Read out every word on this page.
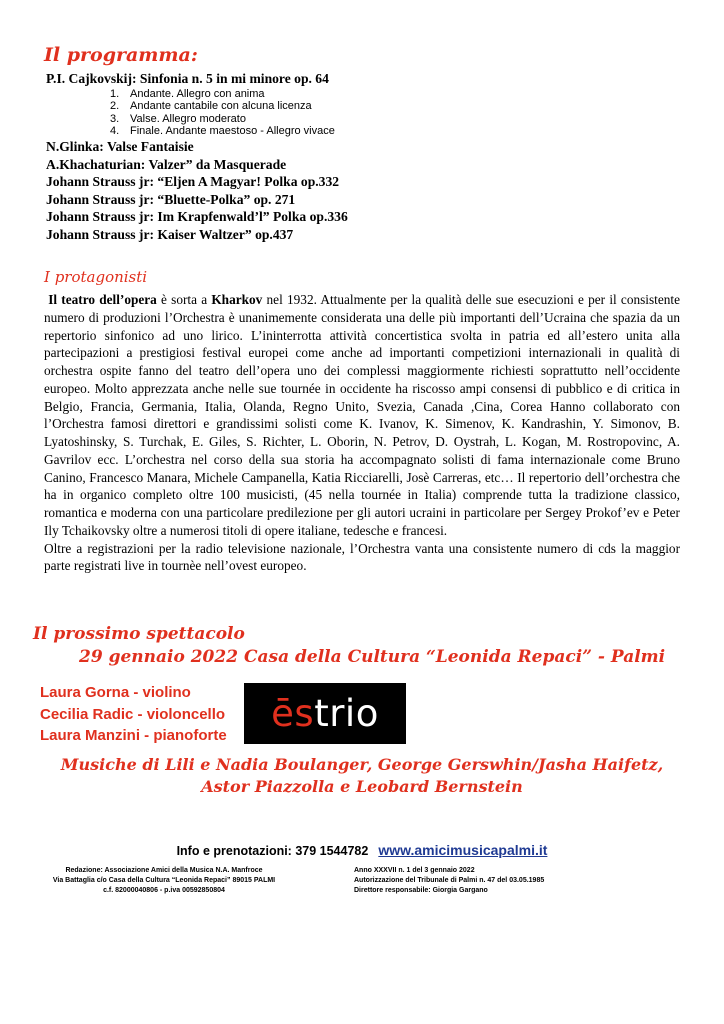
Il programma:
P.I. Cajkovskij: Sinfonia n. 5 in mi minore op. 64
1. Andante. Allegro con anima
2. Andante cantabile con alcuna licenza
3. Valse. Allegro moderato
4. Finale. Andante maestoso - Allegro vivace
N.Glinka: Valse Fantaisie
A.Khachaturian: Valzer” da Masquerade
Johann Strauss jr: “Eljen A Magyar! Polka op.332
Johann Strauss jr: “Bluette-Polka” op. 271
Johann Strauss jr: Im Krapfenwald’l” Polka op.336
Johann Strauss jr: Kaiser Waltzer” op.437
I protagonisti

Il teatro dell’opera è sorta a Kharkov nel 1932. Attualmente per la qualità delle sue esecuzioni e per il consistente numero di produzioni l’Orchestra è unanimemente considerata una delle più importanti dell’Ucraina che spazia da un repertorio sinfonico ad uno lirico. L’ininterrotta attività concertistica svolta in patria ed all’estero unita alla partecipazioni a prestigiosi festival europei come anche ad importanti competizioni internazionali in qualità di orchestra ospite fanno del teatro dell’opera uno dei complessi maggiormente richiesti soprattutto nell’occidente europeo. Molto apprezzata anche nelle sue tournée in occidente ha riscosso ampi consensi di pubblico e di critica in Belgio, Francia, Germania, Italia, Olanda, Regno Unito, Svezia, Canada ,Cina, Corea Hanno collaborato con l’Orchestra famosi direttori e grandissimi solisti come K. Ivanov, K. Simenov, K. Kandrashin, Y. Simonov, B. Lyatoshinsky, S. Turchak, E. Giles, S. Richter, L. Oborin, N. Petrov, D. Oystrah, L. Kogan, M. Rostropovinc, A. Gavrilov ecc. L’orchestra nel corso della sua storia ha accompagnato solisti di fama internazionale come Bruno Canino, Francesco Manara, Michele Campanella, Katia Ricciarelli, Josè Carreras, etc… Il repertorio dell’orchestra che ha in organico completo oltre 100 musicisti, (45 nella tournée in Italia) comprende tutta la tradizione classico, romantica e moderna con una particolare predilezione per gli autori ucraini in particolare per Sergey Prokof’ev e Peter Ily Tchaikovsky oltre a numerosi titoli di opere italiane, tedesche e francesi.

Oltre a registrazioni per la radio televisione nazionale, l’Orchestra vanta una consistente numero di cds la maggior parte registrati live in tournèe nell’ovest europeo.

Il prossimo spettacolo
29 gennaio 2022 Casa della Cultura “Leonida Repaci” - Palmi
Laura Gorna - violino
Cecilia Radic - violoncello
Laura Manzini - pianoforte
ēs trio
Musiche di Lili e Nadia Boulanger, George Gerswhin/Jasha Haifetz,
Astor Piazzolla e Leobard Bernstein
Info e prenotazioni: 379 1544782 www.amicimusicapalmi.it
Redazione: Associazione Amici della Musica N.A. Manfroce
Via Battaglia c/o Casa della Cultura “Leonida Repaci” 89015 PALMI
c.f. 82000040806 - p.iva 00592850804
Anno XXXVII n. 1 del 3 gennaio 2022
Autorizzazione del Tribunale di Palmi n. 47 del 03.05.1985
Direttore responsabile: Giorgia Gargano
